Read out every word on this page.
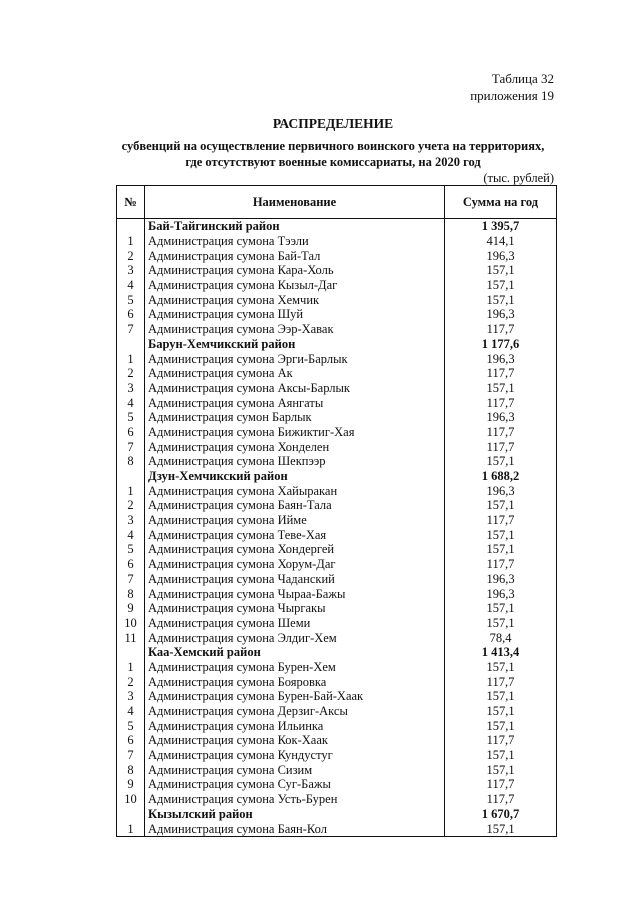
Таблица 32
приложения 19
РАСПРЕДЕЛЕНИЕ
субвенций на осуществление первичного воинского учета на территориях,
где отсутствуют военные комиссариаты, на 2020 год
(тыс. рублей)
№	Наименование	Сумма на год
	Бай-Тайгинский район	1 395,7
1	Администрация сумона Тээли	414,1
2	Администрация сумона Бай-Тал	196,3
3	Администрация сумона Кара-Холь	157,1
4	Администрация сумона Кызыл-Даг	157,1
5	Администрация сумона Хемчик	157,1
6	Администрация сумона Шуй	196,3
7	Администрация сумона Ээр-Хавак	117,7
	Барун-Хемчикский район	1 177,6
1	Администрация сумона Эрги-Барлык	196,3
2	Администрация сумона Ак	117,7
3	Администрация сумона Аксы-Барлык	157,1
4	Администрация сумона Аянгаты	117,7
5	Администрация сумон Барлык	196,3
6	Администрация сумона Бижиктиг-Хая	117,7
7	Администрация сумона Хонделен	117,7
8	Администрация сумона Шекпээр	157,1
	Дзун-Хемчикский район	1 688,2
1	Администрация сумона Хайыракан	196,3
2	Администрация сумона Баян-Тала	157,1
3	Администрация сумона Ийме	117,7
4	Администрация сумона Теве-Хая	157,1
5	Администрация сумона Хондергей	157,1
6	Администрация сумона Хорум-Даг	117,7
7	Администрация сумона Чаданский	196,3
8	Администрация сумона Чыраа-Бажы	196,3
9	Администрация сумона Чыргакы	157,1
10	Администрация сумона Шеми	157,1
11	Администрация сумона Элдиг-Хем	78,4
	Каа-Хемский район	1 413,4
1	Администрация сумона Бурен-Хем	157,1
2	Администрация сумона Бояровка	117,7
3	Администрация сумона Бурен-Бай-Хаак	157,1
4	Администрация сумона Дерзиг-Аксы	157,1
5	Администрация сумона Ильинка	157,1
6	Администрация сумона Кок-Хаак	117,7
7	Администрация сумона Кундустуг	157,1
8	Администрация сумона Сизим	157,1
9	Администрация сумона Суг-Бажы	117,7
10	Администрация сумона Усть-Бурен	117,7
	Кызылский район	1 670,7
1	Администрация сумона Баян-Кол	157,1
